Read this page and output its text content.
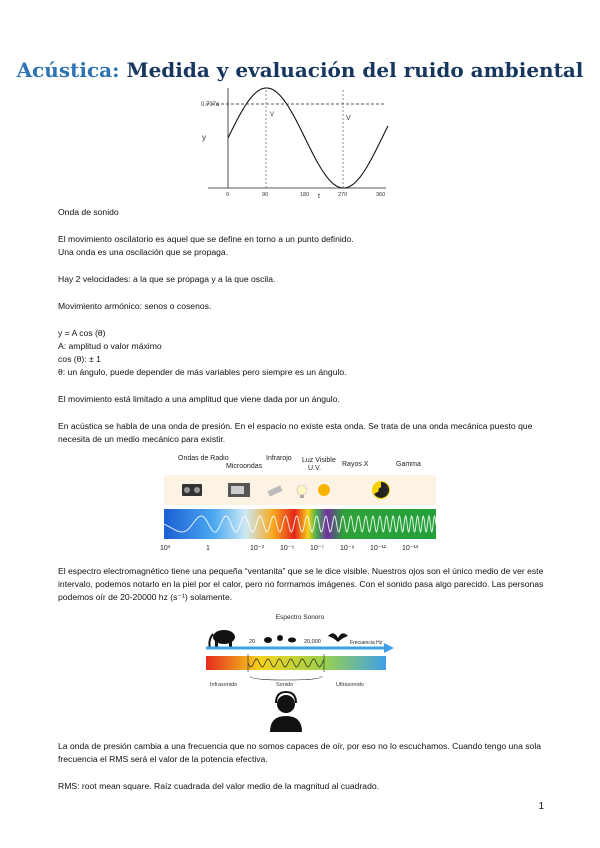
Acústica: Medida y evaluación del ruido ambiental
y
0.707a
V	V
t
0	90	180	270	360

Onda de sonido

El movimiento oscilatorio es aquel que se define en torno a un punto definido.

Una onda es una oscilación que se propaga.

Hay 2 velocidades: a la que se propaga y a la que oscila.

Movimiento armónico: senos o cosenos.

y = A cos (θ)

A: amplitud o valor máximo

cos (θ): ± 1

θ: un ángulo, puede depender de más variables pero siempre es un ángulo.

El movimiento está limitado a una amplitud que viene dada por un ángulo.

En acústica se habla de una onda de presión. En el espacio no existe esta onda. Se trata de una onda mecánica puesto que necesita de un medio mecánico para existir.

Ondas de Radio
Microondas
Infrarojo Luz Visible
U.V.
Rayos X	Gamma
10³	1	10⁻³ 10⁻⁵ 10⁻⁷ 10⁻⁹ 10⁻¹¹ 10⁻¹³

El espectro electromagnético tiene una pequeña “ventanita” que se le dice visible. Nuestros ojos son el único medio de ver este intervalo, podemos notarlo en la piel por el calor, pero no formamos imágenes. Con el sonido pasa algo parecido. Las personas podemos oír de 20-20000 hz (s⁻¹) solamente.

Espectro Sonoro
20	20,000	Frecuencia Hz
Infrasonido	Sonido	Ultrasonido

La onda de presión cambia a una frecuencia que no somos capaces de oír, por eso no lo escuchamos. Cuando tengo una sola frecuencia el RMS será el valor de la potencia efectiva.

RMS: root mean square. Raíz cuadrada del valor medio de la magnitud al cuadrado.

1
